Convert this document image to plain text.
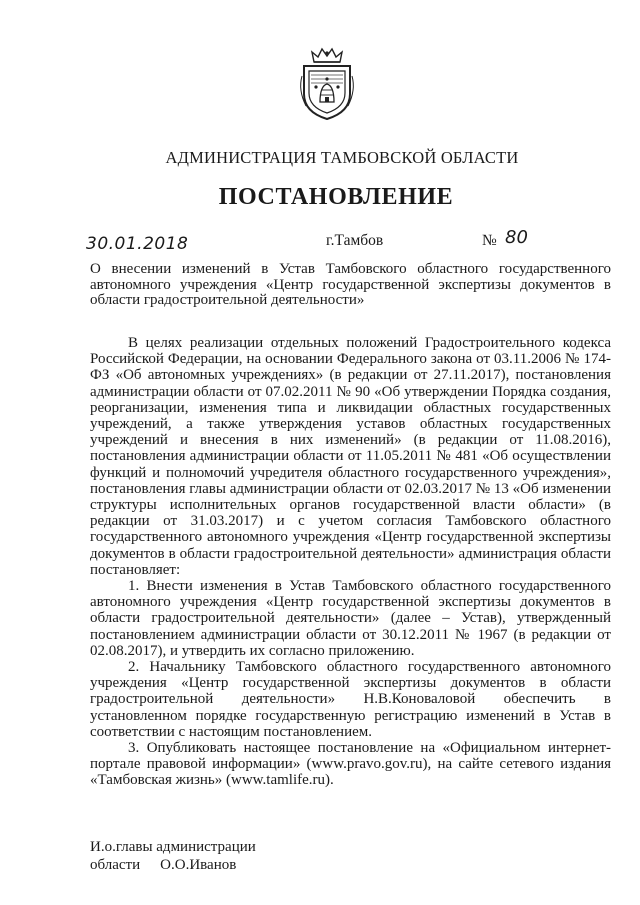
АДМИНИСТРАЦИЯ ТАМБОВСКОЙ ОБЛАСТИ
ПОСТАНОВЛЕНИЕ
30.01.2018	г.Тамбов	№ 80
О внесении изменений в Устав Тамбовского областного государственного автономного учреждения «Центр государственной экспертизы документов в области градостроительной деятельности»

В целях реализации отдельных положений Градостроительного кодекса Российской Федерации, на основании Федерального закона от 03.11.2006 № 174-ФЗ «Об автономных учреждениях» (в редакции от 27.11.2017), постановления администрации области от 07.02.2011 № 90 «Об утверждении Порядка создания, реорганизации, изменения типа и ликвидации областных государственных учреждений, а также утверждения уставов областных государственных учреждений и внесения в них изменений» (в редакции от 11.08.2016), постановления администрации области от 11.05.2011 № 481 «Об осуществлении функций и полномочий учредителя областного государственного учреждения», постановления главы администрации области от 02.03.2017 № 13 «Об изменении структуры исполнительных органов государственной власти области» (в редакции от 31.03.2017) и с учетом согласия Тамбовского областного государственного автономного учреждения «Центр государственной экспертизы документов в области градостроительной деятельности» администрация области постановляет:

1. Внести изменения в Устав Тамбовского областного государственного автономного учреждения «Центр государственной экспертизы документов в области градостроительной деятельности» (далее – Устав), утвержденный постановлением администрации области от 30.12.2011 № 1967 (в редакции от 02.08.2017), и утвердить их согласно приложению.

2. Начальнику Тамбовского областного государственного автономного учреждения «Центр государственной экспертизы документов в области градостроительной деятельности» Н.В.Коноваловой обеспечить в установленном порядке государственную регистрацию изменений в Устав в соответствии с настоящим постановлением.

3. Опубликовать настоящее постановление на «Официальном интернет-портале правовой информации» (www.pravo.gov.ru), на сайте сетевого издания «Тамбовская жизнь» (www.tamlife.ru).

И.о.главы администрации
области О.О.Иванов
